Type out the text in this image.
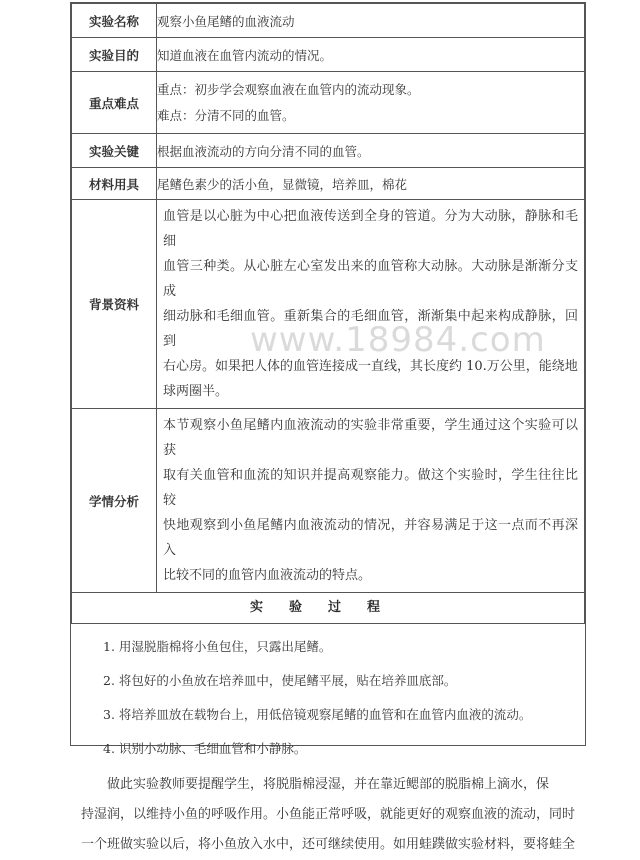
实验名称	观察小鱼尾鳍的血液流动
实验目的	知道血液在血管内流动的情况。
重点难点	重点：初步学会观察血液在血管内的流动现象。
难点：分清不同的血管。

实验关键	根据血液流动的方向分清不同的血管。
材料用具	尾鳍色素少的活小鱼，显微镜，培养皿，棉花
背景资料	血管是以心脏为中心把血液传送到全身的管道。分为大动脉，静脉和毛细
血管三种类。从心脏左心室发出来的血管称大动脉。大动脉是渐渐分支成
细动脉和毛细血管。重新集合的毛细血管，渐渐集中起来构成静脉，回到
右心房。如果把人体的血管连接成一直线，其长度约 10.万公里，能绕地
球两圈半。

学情分析	本节观察小鱼尾鳍内血液流动的实验非常重要，学生通过这个实验可以获
取有关血管和血流的知识并提高观察能力。做这个实验时，学生往往比较
快地观察到小鱼尾鳍内血液流动的情况，并容易满足于这一点而不再深入
比较不同的血管内血液流动的特点。

实验过程	
1. 用湿脱脂棉将小鱼包住，只露出尾鳍。
2. 将包好的小鱼放在培养皿中，使尾鳍平展，贴在培养皿底部。
3. 将培养皿放在载物台上，用低倍镜观察尾鳍的血管和在血管内血液的流动。
4. 识别小动脉、毛细血管和小静脉。
做此实验教师要提醒学生，将脱脂棉浸湿，并在靠近鳃部的脱脂棉上滴水，保
持湿润，以维持小鱼的呼吸作用。小鱼能正常呼吸，就能更好的观察血液的流动，同时
一个班做实验以后，将小鱼放入水中，还可继续使用。如用蛙蹼做实验材料，要将蛙全
www.18984.com
